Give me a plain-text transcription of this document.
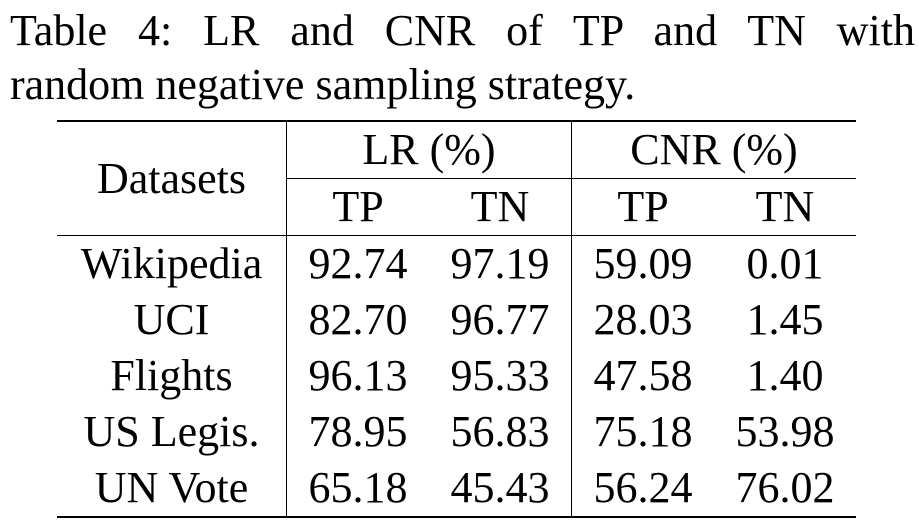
Table 4: LR and CNR of TP and TN with
random negative sampling strategy.
Datasets	LR (%)		CNR (%)	
	TP	TN	TP	TN
Wikipedia	92.74	97.19	59.09	0.01
UCI	82.70	96.77	28.03	1.45
Flights	96.13	95.33	47.58	1.40
US Legis.	78.95	56.83	75.18	53.98
UN Vote	65.18	45.43	56.24	76.02
